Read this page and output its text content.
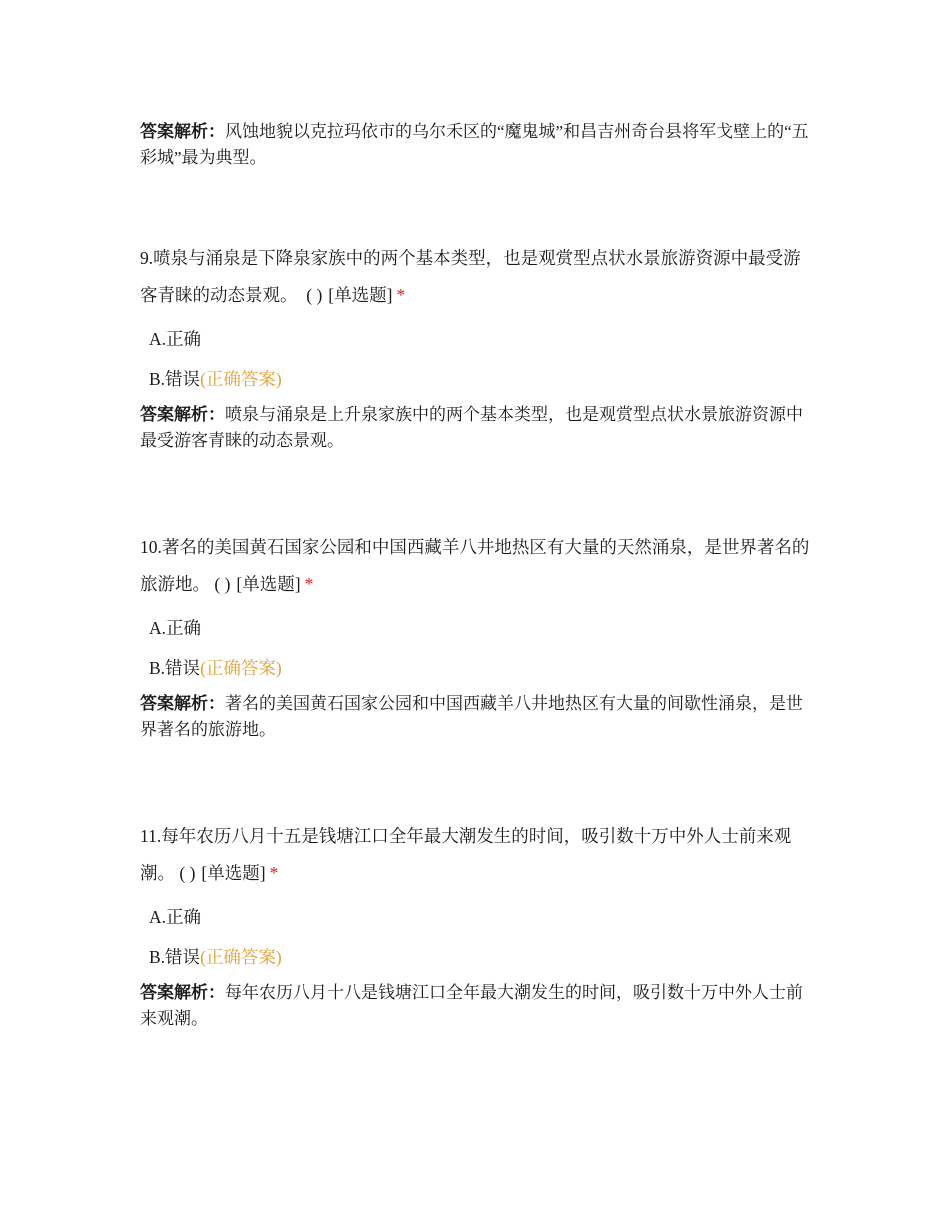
答案解析：风蚀地貌以克拉玛依市的乌尔禾区的“魔鬼城”和昌吉州奇台县将军戈壁上的“五彩城”最为典型。

9.喷泉与涌泉是下降泉家族中的两个基本类型，也是观赏型点状水景旅游资源中最受游客青睐的动态景观。　( ) [单选题] *

A.正确

B.错误(正确答案)

答案解析：喷泉与涌泉是上升泉家族中的两个基本类型，也是观赏型点状水景旅游资源中最受游客青睐的动态景观。

10.著名的美国黄石国家公园和中国西藏羊八井地热区有大量的天然涌泉，是世界著名的旅游地。 ( ) [单选题] *

A.正确

B.错误(正确答案)

答案解析：著名的美国黄石国家公园和中国西藏羊八井地热区有大量的间歇性涌泉，是世界著名的旅游地。

11.每年农历八月十五是钱塘江口全年最大潮发生的时间，吸引数十万中外人士前来观潮。 ( ) [单选题] *

A.正确

B.错误(正确答案)

答案解析：每年农历八月十八是钱塘江口全年最大潮发生的时间，吸引数十万中外人士前来观潮。
